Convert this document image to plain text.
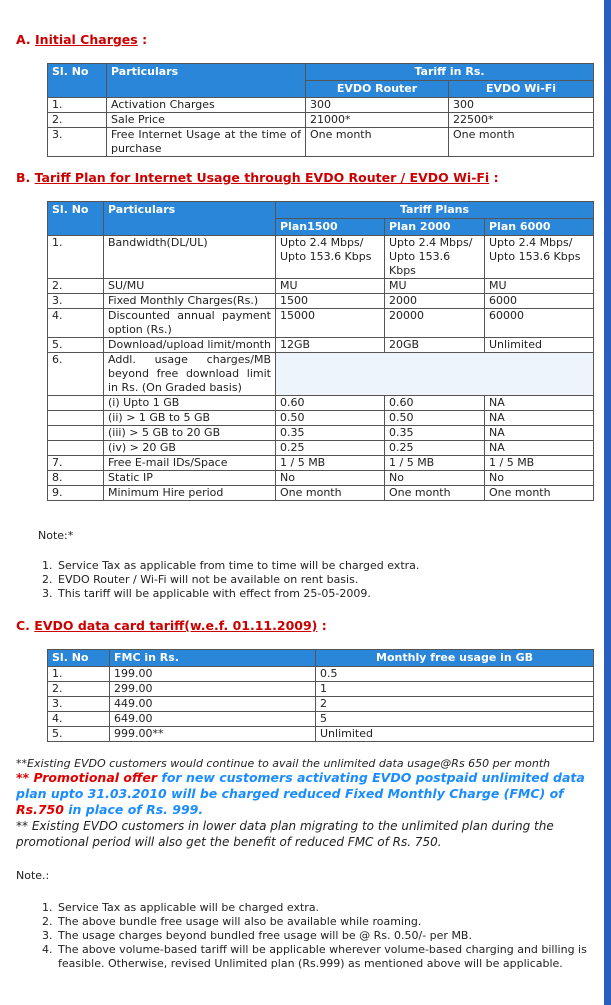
A. Initial Charges :
Sl. No	Particulars	Tariff in Rs.	
		EVDO Router	EVDO Wi-Fi
1.	Activation Charges	300	300
2.	Sale Price	21000*	22500*
3.	Free Internet Usage at the time of purchase	One month	One month
B. Tariff Plan for Internet Usage through EVDO Router / EVDO Wi-Fi :
Sl. No	Particulars	Tariff Plans		
		Plan1500	Plan 2000	Plan 6000
1.	Bandwidth(DL/UL)	Upto 2.4 Mbps/ Upto 153.6 Kbps	Upto 2.4 Mbps/ Upto 153.6 Kbps	Upto 2.4 Mbps/ Upto 153.6 Kbps
2.	SU/MU	MU	MU	MU
3.	Fixed Monthly Charges(Rs.)	1500	2000	6000
4.	Discounted annual payment option (Rs.)	15000	20000	60000
5.	Download/upload limit/month	12GB	20GB	Unlimited
6.	Addl. usage charges/MB beyond free download limit in Rs. (On Graded basis)			
	(i) Upto 1 GB	0.60	0.60	NA
	(ii) > 1 GB to 5 GB	0.50	0.50	NA
	(iii) > 5 GB to 20 GB	0.35	0.35	NA
	(iv) > 20 GB	0.25	0.25	NA
7.	Free E-mail IDs/Space	1 / 5 MB	1 / 5 MB	1 / 5 MB
8.	Static IP	No	No	No
9.	Minimum Hire period	One month	One month	One month
Note:*
1. Service Tax as applicable from time to time will be charged extra.
2. EVDO Router / Wi-Fi will not be available on rent basis.
3. This tariff will be applicable with effect from 25-05-2009.
C. EVDO data card tariff(w.e.f. 01.11.2009) :
Sl. No	FMC in Rs.	Monthly free usage in GB
1.	199.00	0.5
2.	299.00	1
3.	449.00	2
4.	649.00	5
5.	999.00**	Unlimited

**Existing EVDO customers would continue to avail the unlimited data usage@Rs 650 per month

** Promotional offer for new customers activating EVDO postpaid unlimited data plan upto 31.03.2010 will be charged reduced Fixed Monthly Charge (FMC) of Rs.750 in place of Rs. 999.

** Existing EVDO customers in lower data plan migrating to the unlimited plan during the promotional period will also get the benefit of reduced FMC of Rs. 750.

Note.:
1. Service Tax as applicable will be charged extra.
2. The above bundle free usage will also be available while roaming.
3. The usage charges beyond bundled free usage will be @ Rs. 0.50/- per MB.
4. The above volume-based tariff will be applicable wherever volume-based charging and billing is feasible. Otherwise, revised Unlimited plan (Rs.999) as mentioned above will be applicable.
